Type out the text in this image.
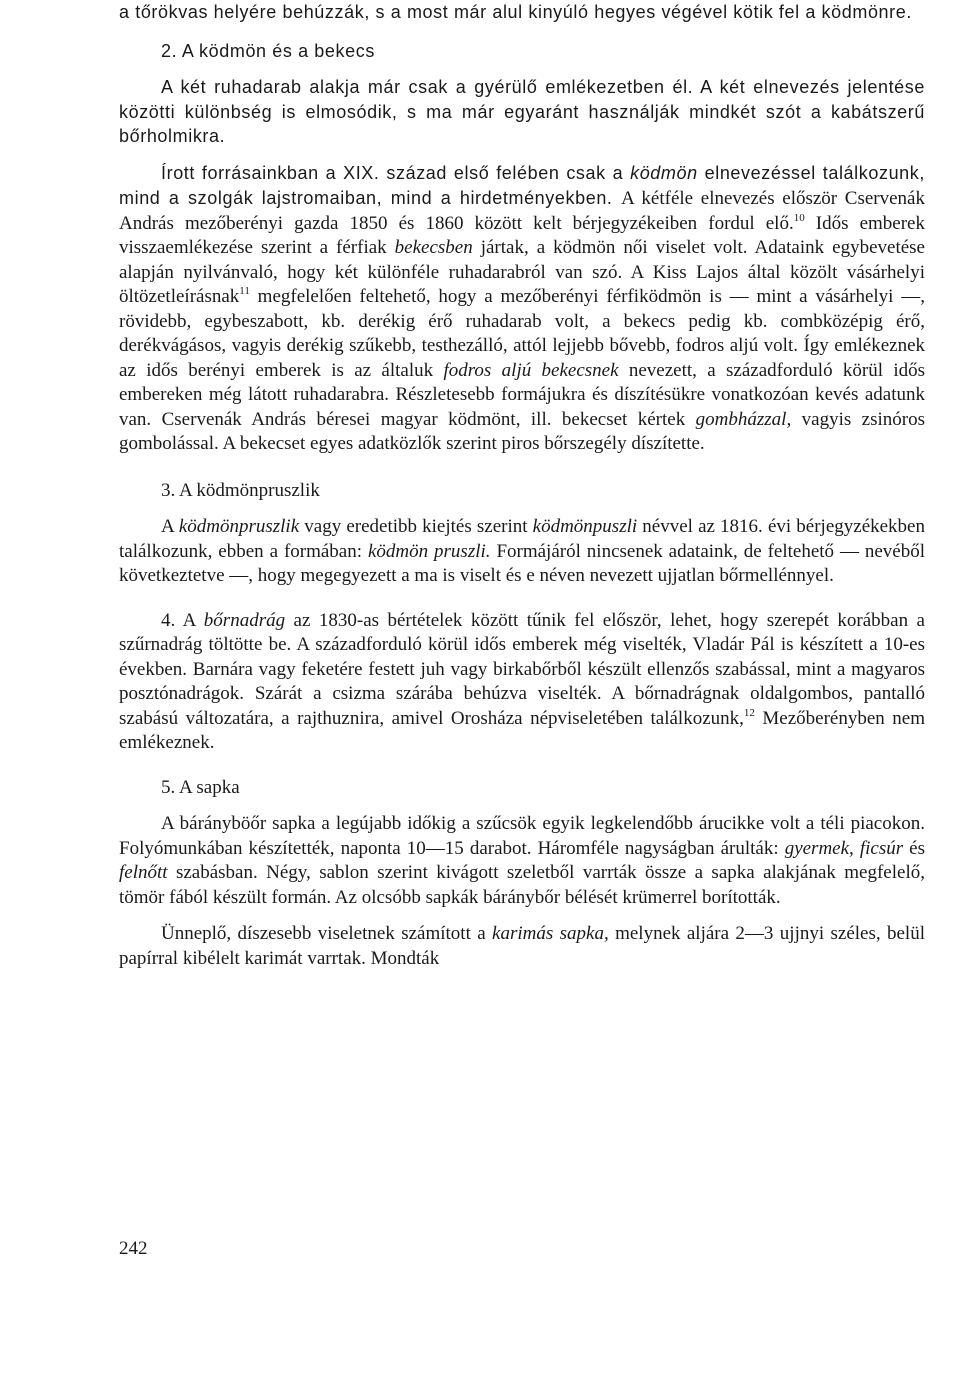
a tőrökvas helyére behúzzák, s a most már alul kinyúló hegyes végével kötik fel a ködmönre.

2. A ködmön és a bekecs

A két ruhadarab alakja már csak a gyérülő emlékezetben él. A két elnevezés jelentése közötti különbség is elmosódik, s ma már egyaránt használják mindkét szót a kabátszerű bőrholmikra.

Írott forrásainkban a XIX. század első felében csak a ködmön elnevezéssel találkozunk, mind a szolgák lajstromaiban, mind a hirdetményekben. A kétféle elnevezés először Cservenák András mezőberényi gazda 1850 és 1860 között kelt bérjegyzékeiben fordul elő.$^{10}$ Idős emberek visszaemlékezése szerint a férfiak bekecsben jártak, a ködmön női viselet volt. Adataink egybevetése alapján nyilvánvaló, hogy két különféle ruhadarabról van szó. A Kiss Lajos által közölt vásárhelyi öltözetleírásnak$^{11}$ megfelelően feltehető, hogy a mezőberényi férfiködmön is — mint a vásárhelyi —, rövidebb, egybeszabott, kb. derékig érő ruhadarab volt, a bekecs pedig kb. combközépig érő, derékvágásos, vagyis derékig szűkebb, testhezálló, attól lejjebb bővebb, fodros aljú volt. Így emlékeznek az idős berényi emberek is az általuk fodros aljú bekecsnek nevezett, a századforduló körül idős embereken még látott ruhadarabra. Részletesebb formájukra és díszítésükre vonatkozóan kevés adatunk van. Cservenák András béresei magyar ködmönt, ill. bekecset kértek gombházzal, vagyis zsinóros gombolással. A bekecset egyes adatközlők szerint piros bőrszegély díszítette.

3. A ködmönpruszlik

A ködmönpruszlik vagy eredetibb kiejtés szerint ködmönpuszli névvel az 1816. évi bérjegyzékekben találkozunk, ebben a formában: ködmön pruszli. Formájáról nincsenek adataink, de feltehető — nevéből következtetve —, hogy megegyezett a ma is viselt és e néven nevezett ujjatlan bőrmellénnyel.

4. A bőrnadrág az 1830-as bértételek között tűnik fel először, lehet, hogy szerepét korábban a szűrnadrág töltötte be. A századforduló körül idős emberek még viselték, Vladár Pál is készített a 10-es években. Barnára vagy feketére festett juh vagy birkabőrből készült ellenzős szabással, mint a magyaros posztónadrágok. Szárát a csizma szárába behúzva viselték. A bőrnadrágnak oldalgombos, pantalló szabású változatára, a rajthuznira, amivel Orosháza népviseletében találkozunk,$^{12}$ Mezőberényben nem emlékeznek.

5. A sapka

A bárányböőr sapka a legújabb időkig a szűcsök egyik legkelendőbb árucikke volt a téli piacokon. Folyómunkában készítették, naponta 10—15 darabot. Háromféle nagyságban árulták: gyermek, ficsúr és felnőtt szabásban. Négy, sablon szerint kivágott szeletből varrták össze a sapka alakjának megfelelő, tömör fából készült formán. Az olcsóbb sapkák báránybőr bélését krümerrel borították.

Ünneplő, díszesebb viseletnek számított a karimás sapka, melynek aljára 2—3 ujjnyi széles, belül papírral kibélelt karimát varrtak. Mondták

242
